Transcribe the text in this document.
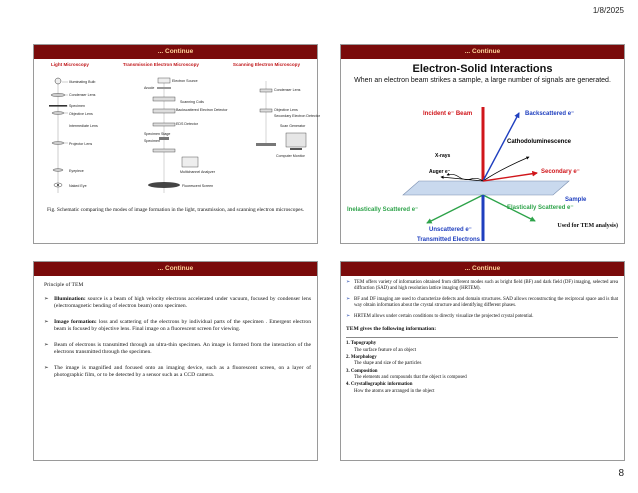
1/8/2025
... Continue
Light Microscopy	Transmission Electron Microscopy	Scanning Electron Microscopy
Illuminating Bulb
Condenser Lens
Specimen
Objective Lens
Intermediate Lens
Projector Lens
Eyepiece
Naked Eye
Electron Source
Anode
Scanning Coils
Backscattered Electron Detector
EDS Detector
Specimen Stage
Specimen
Multichannel Analyzer
Fluorescent Screen
Condenser Lens
Objective Lens
Secondary Electron Detector
Scan Generator
Computer Monitor
Fig. Schematic comparing the modes of image formation in the light, transmission, and scanning electron microscopes.
... Continue
Electron-Solid Interactions
When an electron beam strikes a sample, a large number of signals are generated.
Incident e⁻ Beam	Backscattered e⁻
Cathodoluminescence
X-rays
Auger e⁻	Secondary e⁻
Sample
Inelastically Scattered e⁻	Elastically Scattered e⁻
Unscattered e⁻
Transmitted Electrons
Used for TEM analysis)
... Continue

Principle of TEM

➢ Illumination: source is a beam of high velocity electrons accelerated under vacuum, focused by condenser lens (electromagnetic bending of electron beam) onto specimen.
➢ Image formation: loss and scattering of the electrons by individual parts of the specimen . Emergent electron beam is focused by objective lens. Final image on a fluorescent screen for viewing.
➢ Beam of electrons is transmitted through an ultra-thin specimen. An image is formed from the interaction of the electrons transmitted through the specimen.
➢ The image is magnified and focused onto an imaging device, such as a fluorescent screen, on a layer of photographic film, or to be detected by a sensor such as a CCD camera.
... Continue
➢ TEM offers variety of information obtained from different modes such as bright field (BF) and dark field (DF) imaging, selected area diffraction (SAD) and high resolution lattice imaging (HRTEM).
➢ BF and DF imaging are used to characterize defects and domain structures. SAD allows reconstructing the reciprocal space and is that way obtain information about the crystal structure and identifying different phases.
➢ HRTEM allows under certain conditions to directly visualize the projected crystal potential.
TEM gives the following information:
1. Topography
The surface feature of an object
2. Morphology
The shape and size of the particles
3. Composition
The elements and compounds that the object is composed
4. Crystallographic information
How the atoms are arranged in the object
8
